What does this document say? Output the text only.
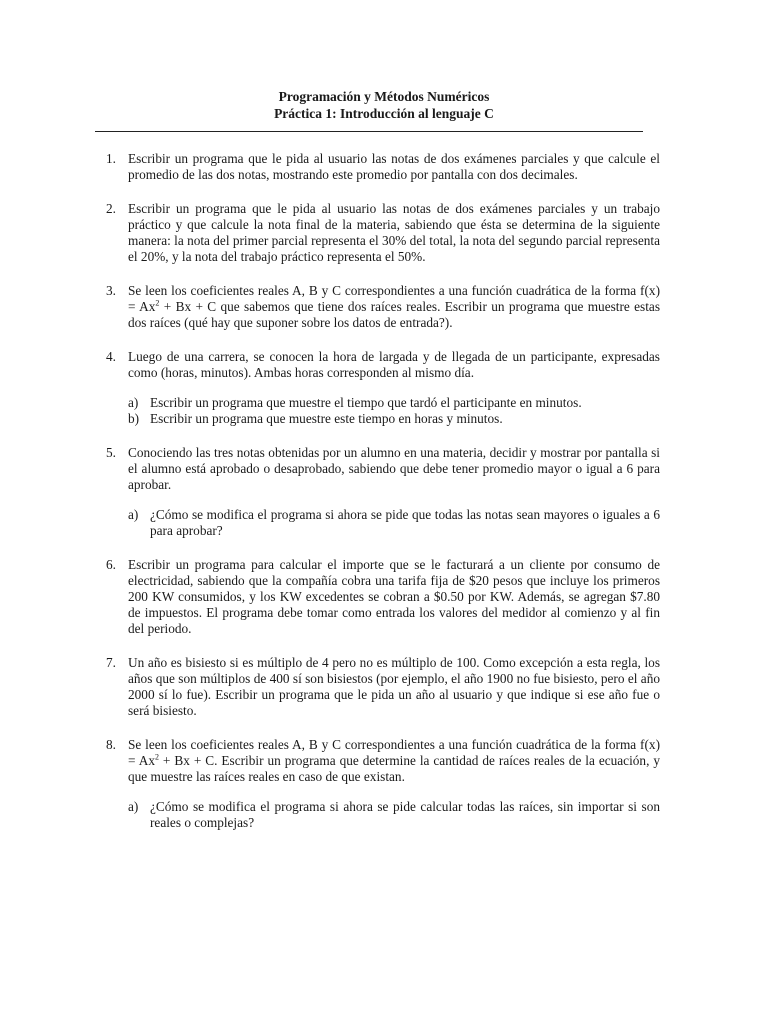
Programación y Métodos Numéricos
Práctica 1: Introducción al lenguaje C
1. Escribir un programa que le pida al usuario las notas de dos exámenes parciales y que calcule el promedio de las dos notas, mostrando este promedio por pantalla con dos decimales.
2. Escribir un programa que le pida al usuario las notas de dos exámenes parciales y un trabajo práctico y que calcule la nota final de la materia, sabiendo que ésta se determina de la siguiente manera: la nota del primer parcial representa el 30% del total, la nota del segundo parcial representa el 20%, y la nota del trabajo práctico representa el 50%.
3. Se leen los coeficientes reales A, B y C correspondientes a una función cuadrática de la forma $f(x) = Ax^2 + Bx + C$ que sabemos que tiene dos raíces reales. Escribir un programa que muestre estas dos raíces (qué hay que suponer sobre los datos de entrada?).
4. Luego de una carrera, se conocen la hora de largada y de llegada de un participante, expresadas como (horas, minutos). Ambas horas corresponden al mismo día.
a) Escribir un programa que muestre el tiempo que tardó el participante en minutos.
b) Escribir un programa que muestre este tiempo en horas y minutos.
5. Conociendo las tres notas obtenidas por un alumno en una materia, decidir y mostrar por pantalla si el alumno está aprobado o desaprobado, sabiendo que debe tener promedio mayor o igual a 6 para aprobar.
a) ¿Cómo se modifica el programa si ahora se pide que todas las notas sean mayores o iguales a 6 para aprobar?
6. Escribir un programa para calcular el importe que se le facturará a un cliente por consumo de electricidad, sabiendo que la compañía cobra una tarifa fija de $20 pesos que incluye los primeros 200 KW consumidos, y los KW excedentes se cobran a $0.50 por KW. Además, se agregan $7.80 de impuestos. El programa debe tomar como entrada los valores del medidor al comienzo y al fin del periodo.
7. Un año es bisiesto si es múltiplo de 4 pero no es múltiplo de 100. Como excepción a esta regla, los años que son múltiplos de 400 sí son bisiestos (por ejemplo, el año 1900 no fue bisiesto, pero el año 2000 sí lo fue). Escribir un programa que le pida un año al usuario y que indique si ese año fue o será bisiesto.
8. Se leen los coeficientes reales A, B y C correspondientes a una función cuadrática de la forma $f(x) = Ax^2 + Bx + C$. Escribir un programa que determine la cantidad de raíces reales de la ecuación, y que muestre las raíces reales en caso de que existan.
a) ¿Cómo se modifica el programa si ahora se pide calcular todas las raíces, sin importar si son reales o complejas?
